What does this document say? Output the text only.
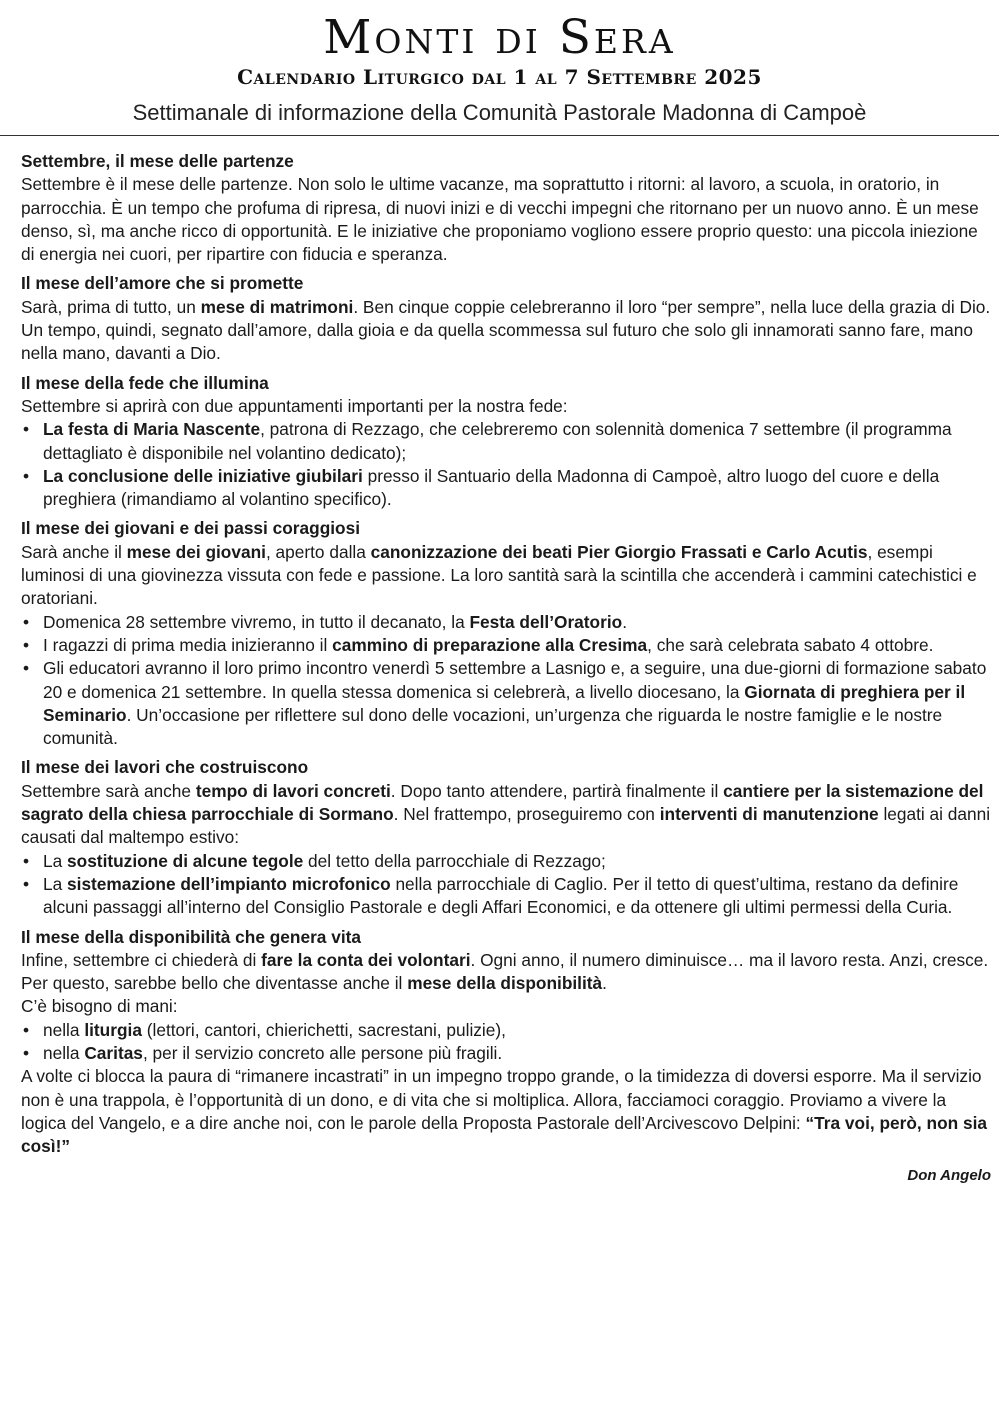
Monti di Sera
Calendario Liturgico dal 1 al 7 Settembre 2025
Settimanale di informazione della Comunità Pastorale Madonna di Campoè
Settembre, il mese delle partenze

Settembre è il mese delle partenze. Non solo le ultime vacanze, ma soprattutto i ritorni: al lavoro, a scuola, in oratorio, in parrocchia. È un tempo che profuma di ripresa, di nuovi inizi e di vecchi impegni che ritornano per un nuovo anno. È un mese denso, sì, ma anche ricco di opportunità. E le iniziative che proponiamo vogliono essere proprio questo: una piccola iniezione di energia nei cuori, per ripartire con fiducia e speranza.

Il mese dell’amore che si promette

Sarà, prima di tutto, un mese di matrimoni. Ben cinque coppie celebreranno il loro “per sempre”, nella luce della grazia di Dio. Un tempo, quindi, segnato dall’amore, dalla gioia e da quella scommessa sul futuro che solo gli innamorati sanno fare, mano nella mano, davanti a Dio.

Il mese della fede che illumina

Settembre si aprirà con due appuntamenti importanti per la nostra fede:

• La festa di Maria Nascente, patrona di Rezzago, che celebreremo con solennità domenica 7 settembre (il programma dettagliato è disponibile nel volantino dedicato);
• La conclusione delle iniziative giubilari presso il Santuario della Madonna di Campoè, altro luogo del cuore e della preghiera (rimandiamo al volantino specifico).
Il mese dei giovani e dei passi coraggiosi

Sarà anche il mese dei giovani, aperto dalla canonizzazione dei beati Pier Giorgio Frassati e Carlo Acutis, esempi luminosi di una giovinezza vissuta con fede e passione. La loro santità sarà la scintilla che accenderà i cammini catechistici e oratoriani.

• Domenica 28 settembre vivremo, in tutto il decanato, la Festa dell’Oratorio.
• I ragazzi di prima media inizieranno il cammino di preparazione alla Cresima, che sarà celebrata sabato 4 ottobre.
• Gli educatori avranno il loro primo incontro venerdì 5 settembre a Lasnigo e, a seguire, una due-giorni di formazione sabato 20 e domenica 21 settembre. In quella stessa domenica si celebrerà, a livello diocesano, la Giornata di preghiera per il Seminario. Un’occasione per riflettere sul dono delle vocazioni, un’urgenza che riguarda le nostre famiglie e le nostre comunità.
Il mese dei lavori che costruiscono

Settembre sarà anche tempo di lavori concreti. Dopo tanto attendere, partirà finalmente il cantiere per la sistemazione del sagrato della chiesa parrocchiale di Sormano. Nel frattempo, proseguiremo con interventi di manutenzione legati ai danni causati dal maltempo estivo:

• La sostituzione di alcune tegole del tetto della parrocchiale di Rezzago;
• La sistemazione dell’impianto microfonico nella parrocchiale di Caglio. Per il tetto di quest’ultima, restano da definire alcuni passaggi all’interno del Consiglio Pastorale e degli Affari Economici, e da ottenere gli ultimi permessi della Curia.
Il mese della disponibilità che genera vita

Infine, settembre ci chiederà di fare la conta dei volontari. Ogni anno, il numero diminuisce… ma il lavoro resta. Anzi, cresce. Per questo, sarebbe bello che diventasse anche il mese della disponibilità.

C’è bisogno di mani:

• nella liturgia (lettori, cantori, chierichetti, sacrestani, pulizie),
• nella Caritas, per il servizio concreto alle persone più fragili.

A volte ci blocca la paura di “rimanere incastrati” in un impegno troppo grande, o la timidezza di doversi esporre. Ma il servizio non è una trappola, è l’opportunità di un dono, e di vita che si moltiplica. Allora, facciamoci coraggio. Proviamo a vivere la logica del Vangelo, e a dire anche noi, con le parole della Proposta Pastorale dell’Arcivescovo Delpini: “Tra voi, però, non sia così!”

Don Angelo
